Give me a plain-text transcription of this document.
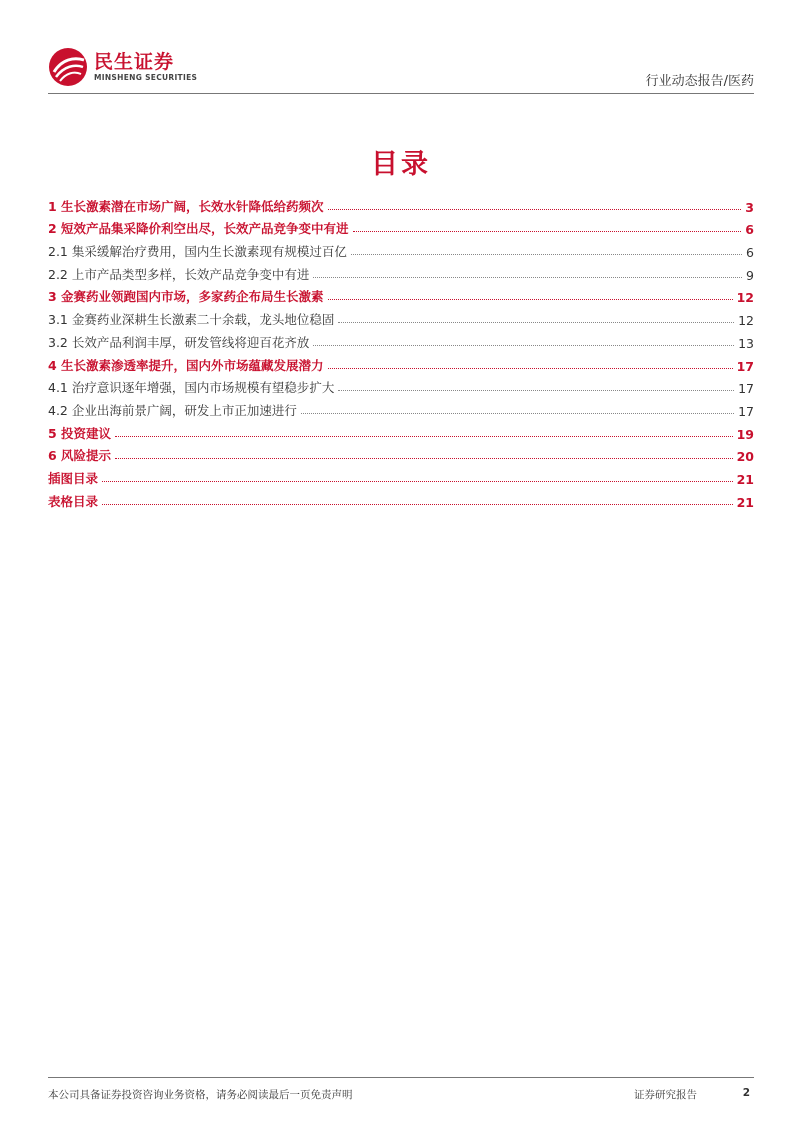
民生证券
MINSHENG SECURITIES	行业动态报告/医药
目录
1 生长激素潜在市场广阔，长效水针降低给药频次	3
2 短效产品集采降价利空出尽，长效产品竞争变中有进	6
2.1 集采缓解治疗费用，国内生长激素现有规模过百亿	6
2.2 上市产品类型多样，长效产品竞争变中有进	9
3 金赛药业领跑国内市场，多家药企布局生长激素	12
3.1 金赛药业深耕生长激素二十余载，龙头地位稳固	12
3.2 长效产品利润丰厚，研发管线将迎百花齐放	13
4 生长激素渗透率提升，国内外市场蕴藏发展潜力	17
4.1 治疗意识逐年增强，国内市场规模有望稳步扩大	17
4.2 企业出海前景广阔，研发上市正加速进行	17
5 投资建议	19
6 风险提示	20
插图目录	21
表格目录	21
本公司具备证券投资咨询业务资格，请务必阅读最后一页免责声明	证券研究报告	2
